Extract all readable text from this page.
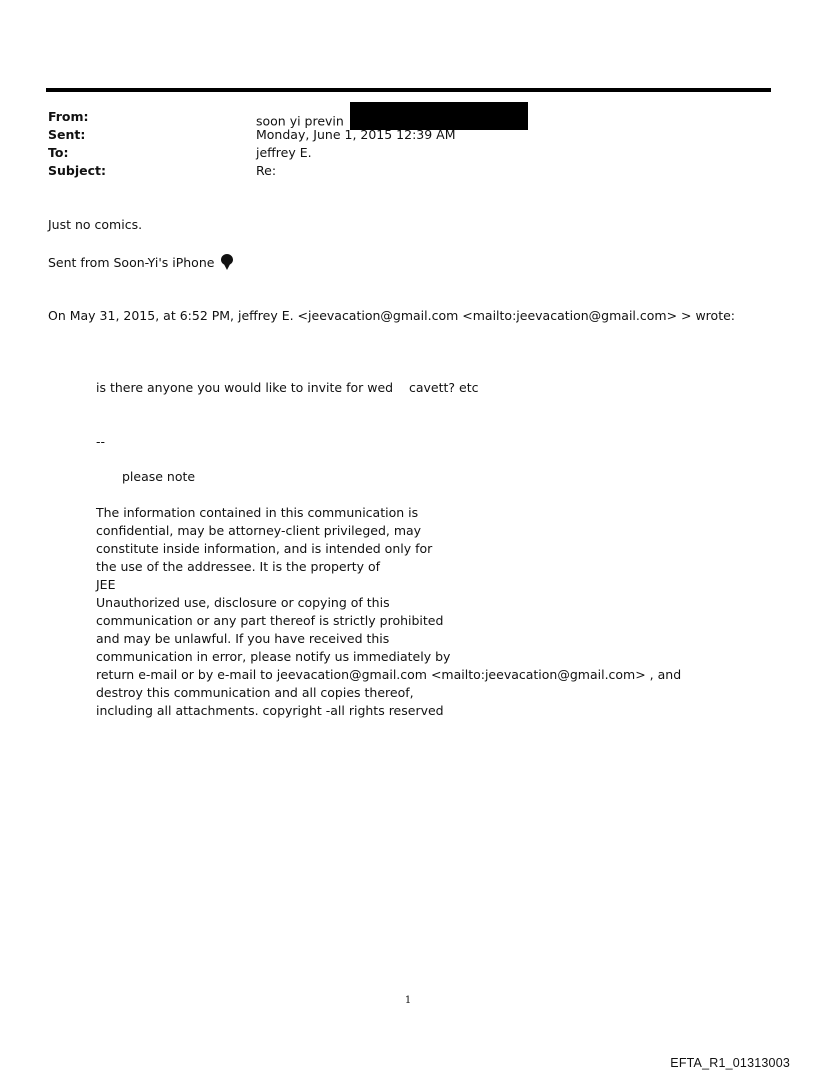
From:	soon yi previn
Sent:	Monday, June 1, 2015 12:39 AM
To:	jeffrey E.
Subject:	Re:
Just no comics.
Sent from Soon-Yi's iPhone
On May 31, 2015, at 6:52 PM, jeffrey E. <jeevacation@gmail.com <mailto:jeevacation@gmail.com> > wrote:
is there anyone you would like to invite for wed    cavett? etc
--
please note
The information contained in this communication is
confidential, may be attorney-client privileged, may
constitute inside information, and is intended only for
the use of the addressee. It is the property of
JEE
Unauthorized use, disclosure or copying of this
communication or any part thereof is strictly prohibited
and may be unlawful. If you have received this
communication in error, please notify us immediately by
return e-mail or by e-mail to jeevacation@gmail.com <mailto:jeevacation@gmail.com> , and
destroy this communication and all copies thereof,
including all attachments. copyright -all rights reserved
1
EFTA_R1_01313003
